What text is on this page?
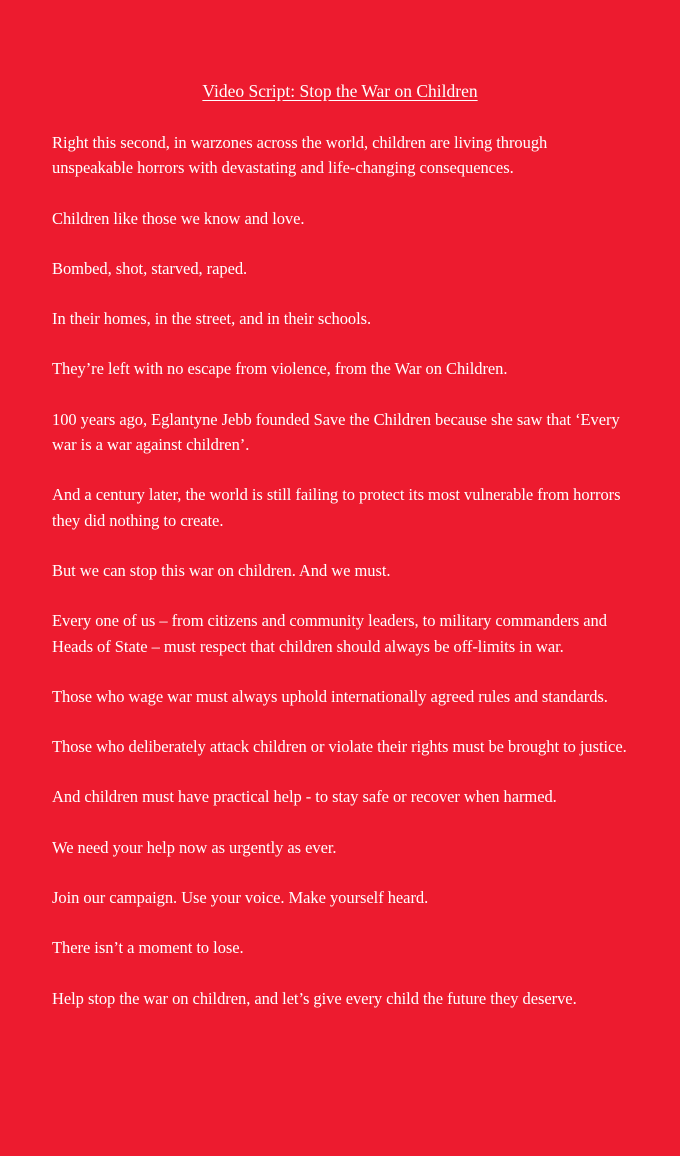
Video Script: Stop the War on Children

Right this second, in warzones across the world, children are living through unspeakable horrors with devastating and life-changing consequences.

Children like those we know and love.

Bombed, shot, starved, raped.

In their homes, in the street, and in their schools.

They’re left with no escape from violence, from the War on Children.

100 years ago, Eglantyne Jebb founded Save the Children because she saw that ‘Every war is a war against children’.

And a century later, the world is still failing to protect its most vulnerable from horrors they did nothing to create.

But we can stop this war on children. And we must.

Every one of us – from citizens and community leaders, to military commanders and Heads of State – must respect that children should always be off-limits in war.

Those who wage war must always uphold internationally agreed rules and standards.

Those who deliberately attack children or violate their rights must be brought to justice.

And children must have practical help - to stay safe or recover when harmed.

We need your help now as urgently as ever.

Join our campaign. Use your voice. Make yourself heard.

There isn’t a moment to lose.

Help stop the war on children, and let’s give every child the future they deserve.
